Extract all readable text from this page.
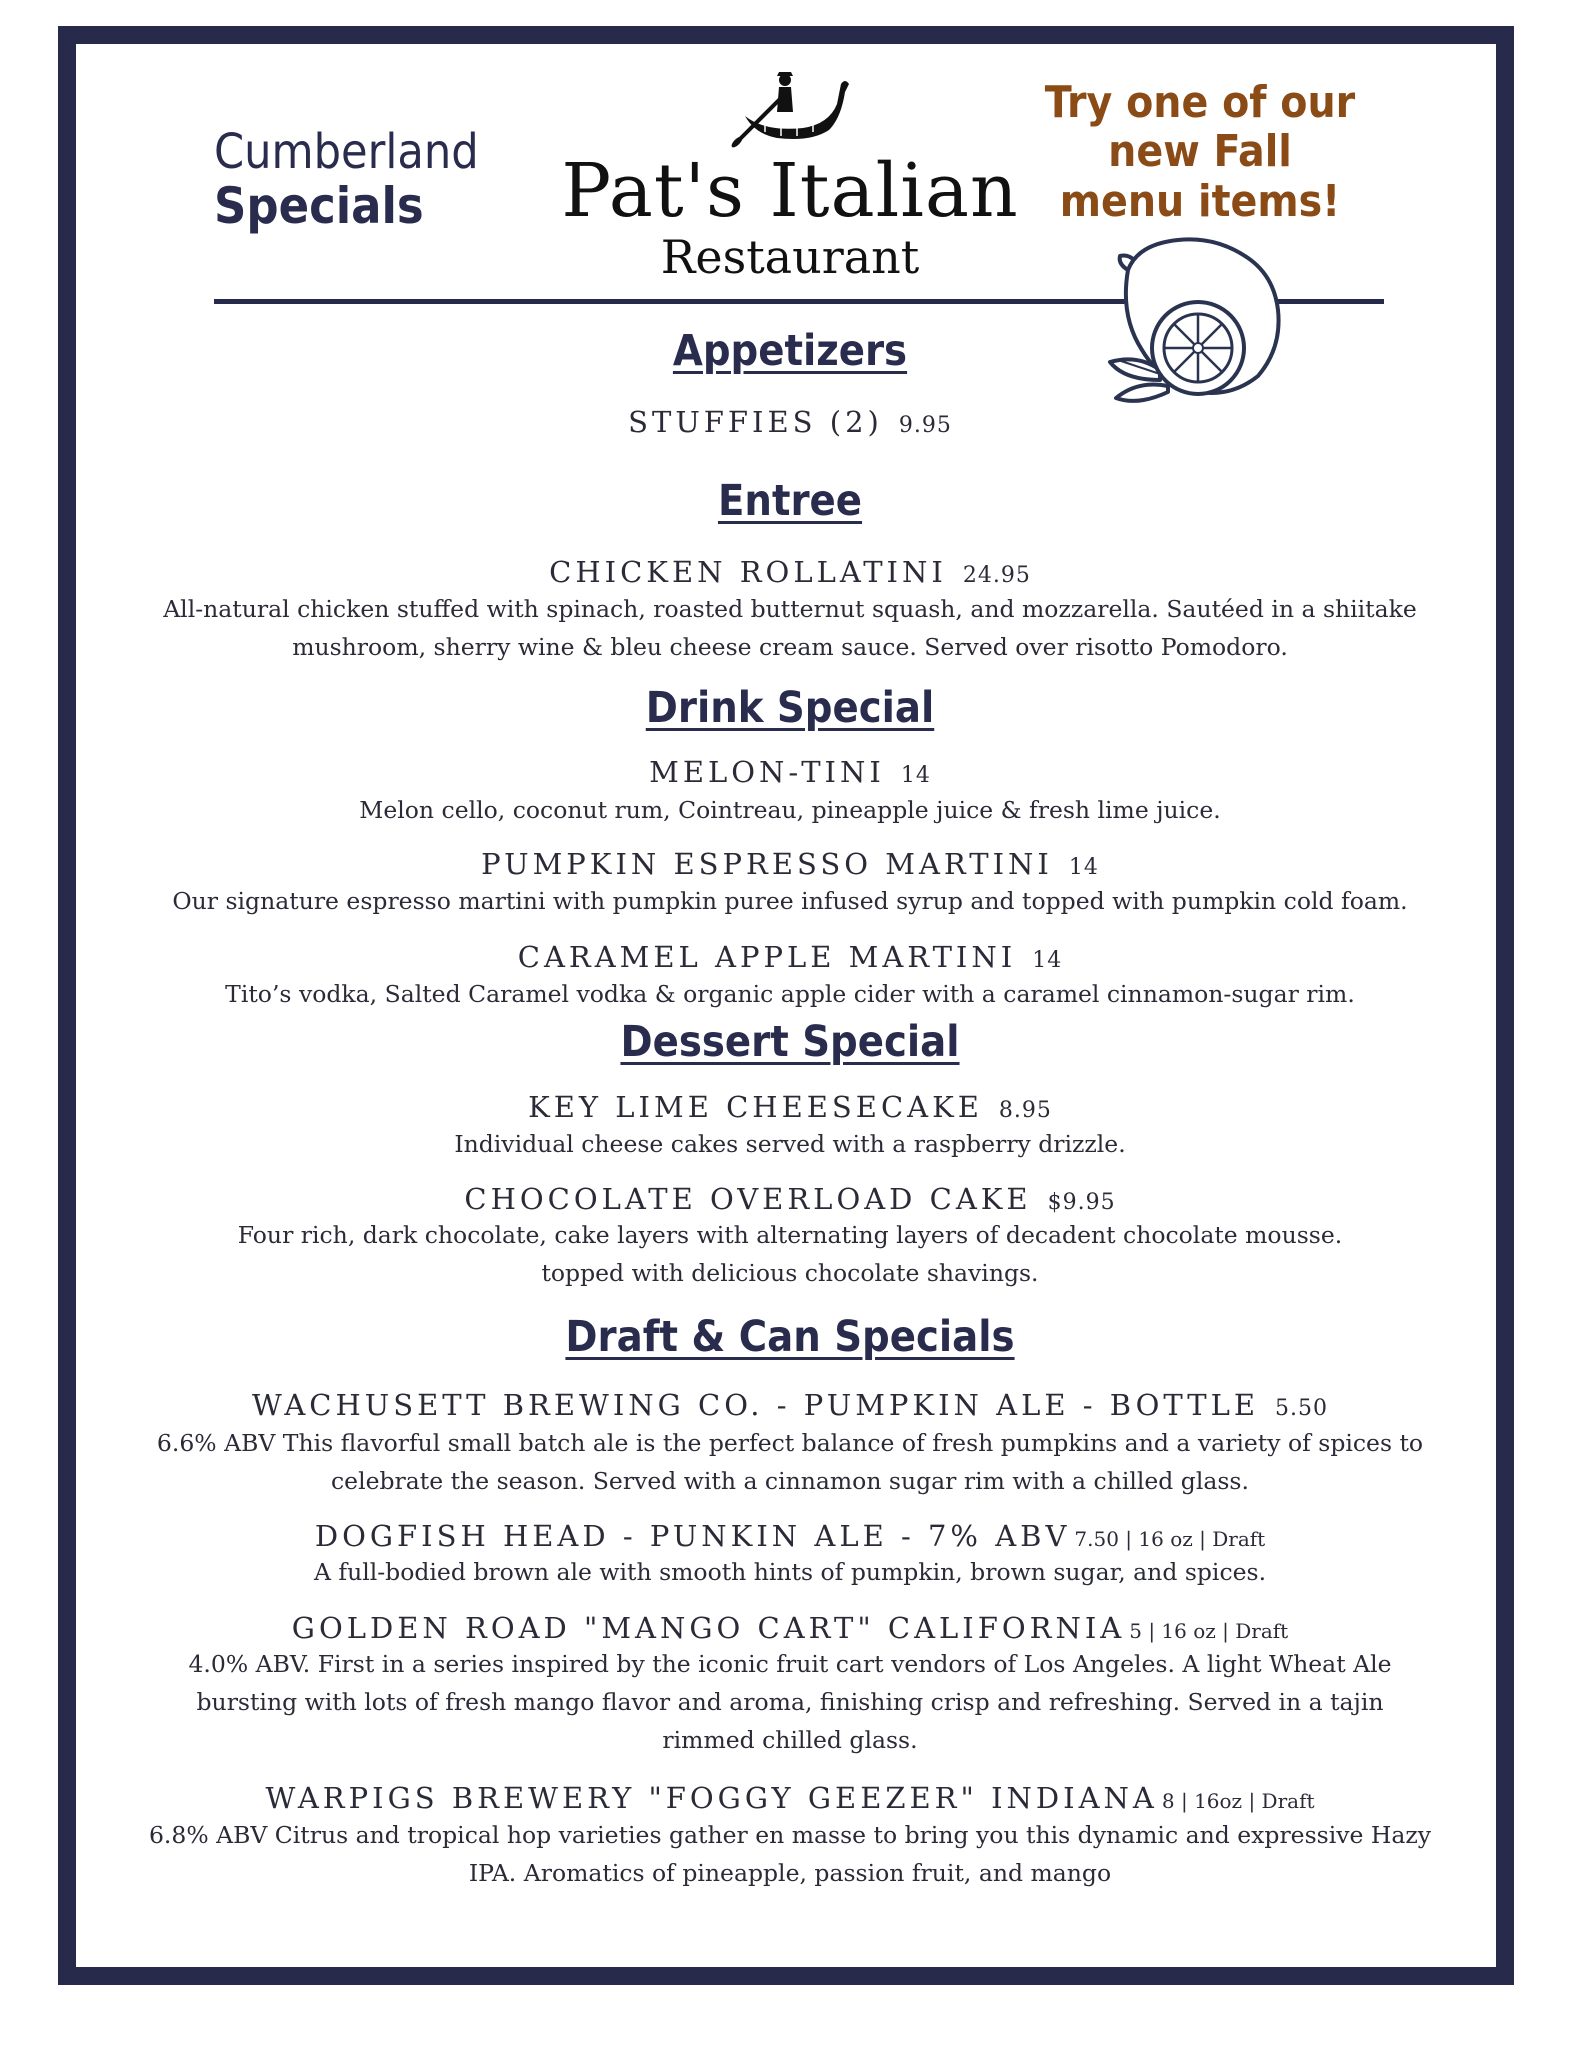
Cumberland
Specials Pat's Italian
Restaurant
Try one of our new Fall
menu items!
Appetizers
STUFFIES (2) 9.95
Entree
CHICKEN ROLLATINI 24.95
All-natural chicken stuffed with spinach, roasted butternut squash, and mozzarella. Sautéed in a shiitake
mushroom, sherry wine & bleu cheese cream sauce. Served over risotto Pomodoro.
Drink Special
MELON-TINI 14
Melon cello, coconut rum, Cointreau, pineapple juice & fresh lime juice.
PUMPKIN ESPRESSO MARTINI 14
Our signature espresso martini with pumpkin puree infused syrup and topped with pumpkin cold foam.
CARAMEL APPLE MARTINI 14
Tito’s vodka, Salted Caramel vodka & organic apple cider with a caramel cinnamon-sugar rim.
Dessert Special
KEY LIME CHEESECAKE 8.95
Individual cheese cakes served with a raspberry drizzle.
CHOCOLATE OVERLOAD CAKE $9.95
Four rich, dark chocolate, cake layers with alternating layers of decadent chocolate mousse.
topped with delicious chocolate shavings.
Draft & Can Specials
WACHUSETT BREWING CO. - PUMPKIN ALE - BOTTLE 5.50
6.6% ABV This flavorful small batch ale is the perfect balance of fresh pumpkins and a variety of spices to
celebrate the season. Served with a cinnamon sugar rim with a chilled glass.
DOGFISH HEAD - PUNKIN ALE - 7% ABV 7.50 | 16 oz | Draft
A full-bodied brown ale with smooth hints of pumpkin, brown sugar, and spices.
GOLDEN ROAD "MANGO CART" CALIFORNIA 5 | 16 oz | Draft
4.0% ABV. First in a series inspired by the iconic fruit cart vendors of Los Angeles. A light Wheat Ale
bursting with lots of fresh mango flavor and aroma, finishing crisp and refreshing. Served in a tajin
rimmed chilled glass.
WARPIGS BREWERY "FOGGY GEEZER" INDIANA 8 | 16oz | Draft
6.8% ABV Citrus and tropical hop varieties gather en masse to bring you this dynamic and expressive Hazy
IPA. Aromatics of pineapple, passion fruit, and mango
